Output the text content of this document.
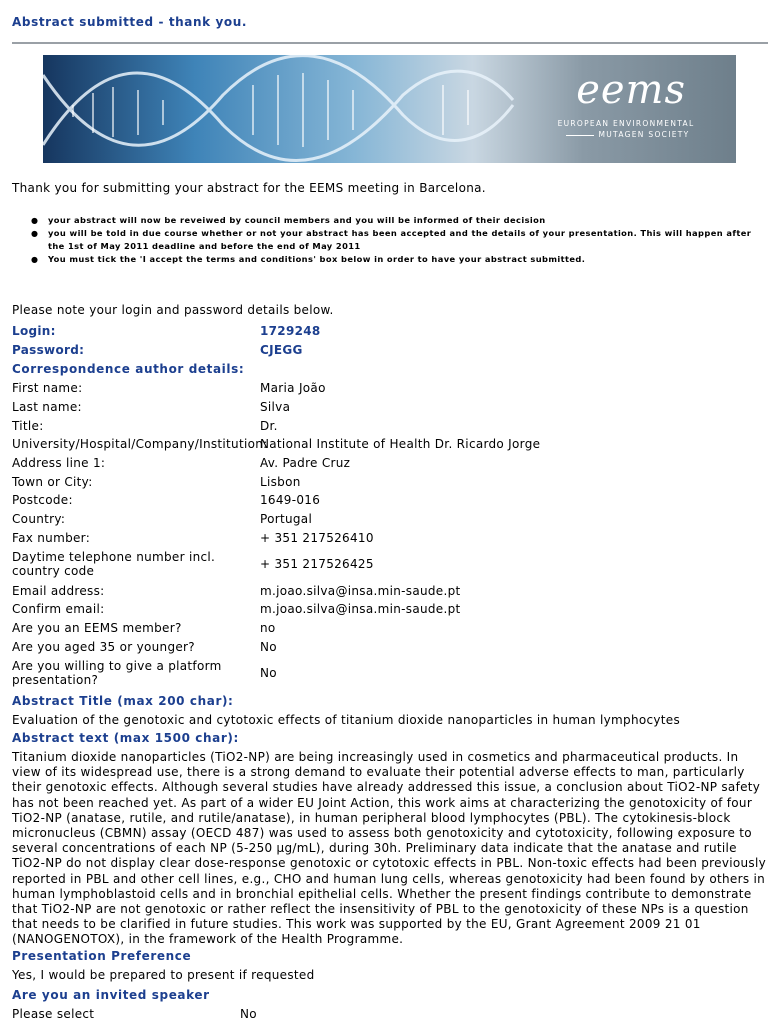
Abstract submitted - thank you.
eems
EUROPEAN ENVIRONMENTAL
MUTAGEN SOCIETY
Thank you for submitting your abstract for the EEMS meeting in Barcelona.
● your abstract will now be reveiwed by council members and you will be informed of their decision
● you will be told in due course whether or not your abstract has been accepted and the details of your presentation. This will happen after the 1st of May 2011 deadline and before the end of May 2011
● You must tick the 'I accept the terms and conditions' box below in order to have your abstract submitted.
Please note your login and password details below.
Login:	1729248
Password:	CJEGG
Correspondence author details:
First name:	Maria João
Last name:	Silva
Title:	Dr.
University/Hospital/Company/Institution:
National Institute of Health Dr. Ricardo Jorge
Address line 1:	Av. Padre Cruz
Town or City:	Lisbon
Postcode:	1649-016
Country:	Portugal
Fax number:	+ 351 217526410
Daytime telephone number incl. country code	+ 351 217526425
Email address:	m.joao.silva@insa.min-saude.pt
Confirm email:	m.joao.silva@insa.min-saude.pt
Are you an EEMS member?	no
Are you aged 35 or younger?	No
Are you willing to give a platform presentation?	No
Abstract Title (max 200 char):
Evaluation of the genotoxic and cytotoxic effects of titanium dioxide nanoparticles in human lymphocytes
Abstract text (max 1500 char):
Titanium dioxide nanoparticles (TiO2-NP) are being increasingly used in cosmetics and pharmaceutical products. In view of its widespread use, there is a strong demand to evaluate their potential adverse effects to man, particularly their genotoxic effects. Although several studies have already addressed this issue, a conclusion about TiO2-NP safety has not been reached yet. As part of a wider EU Joint Action, this work aims at characterizing the genotoxicity of four TiO2-NP (anatase, rutile, and rutile/anatase), in human peripheral blood lymphocytes (PBL). The cytokinesis-block micronucleus (CBMN) assay (OECD 487) was used to assess both genotoxicity and cytotoxicity, following exposure to several concentrations of each NP (5-250 µg/mL), during 30h. Preliminary data indicate that the anatase and rutile TiO2-NP do not display clear dose-response genotoxic or cytotoxic effects in PBL. Non-toxic effects had been previously reported in PBL and other cell lines, e.g., CHO and human lung cells, whereas genotoxicity had been found by others in human lymphoblastoid cells and in bronchial epithelial cells. Whether the present findings contribute to demonstrate that TiO2-NP are not genotoxic or rather reflect the insensitivity of PBL to the genotoxicity of these NPs is a question that needs to be clarified in future studies. This work was supported by the EU, Grant Agreement 2009 21 01 (NANOGENOTOX), in the framework of the Health Programme.
Presentation Preference
Yes, I would be prepared to present if requested
Are you an invited speaker
Please select	No
